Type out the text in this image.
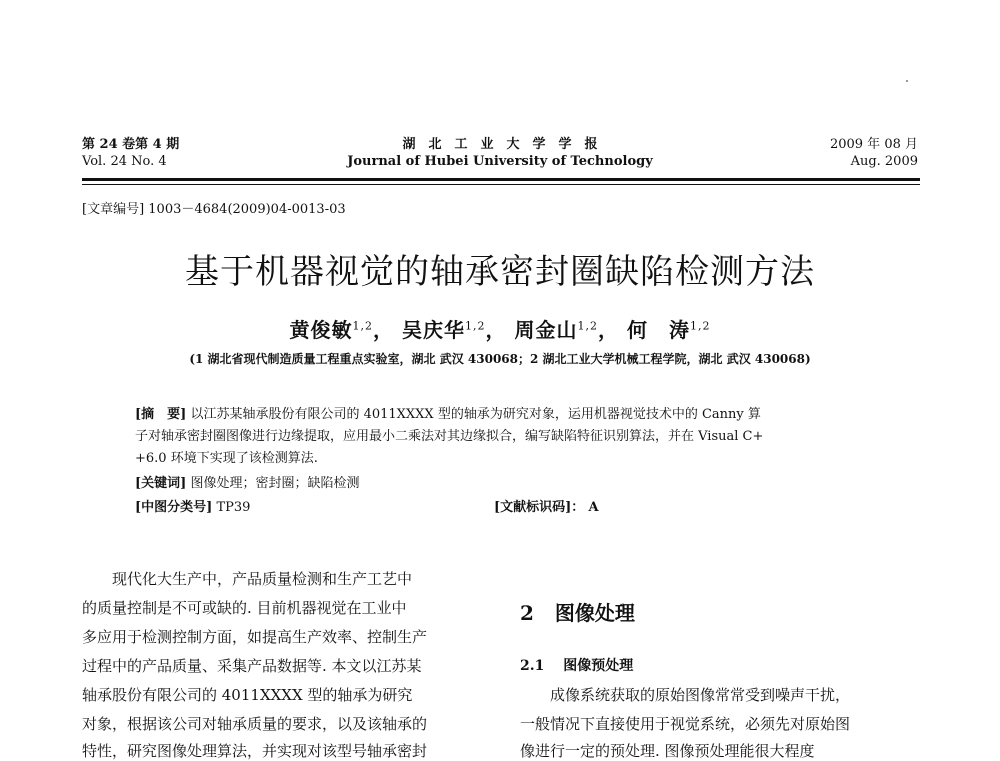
第 24 卷第 4 期
Vol. 24 No. 4
湖　北　工　业　大　学　学　报
Journal of Hubei University of Technology
2009 年 08 月
Aug. 2009
[文章编号] 1003－4684(2009)04-0013-03
基于机器视觉的轴承密封圈缺陷检测方法
黄俊敏$^{1,2}$， 吴庆华$^{1,2}$， 周金山$^{1,2}$， 何　涛$^{1,2}$
(1 湖北省现代制造质量工程重点实验室，湖北 武汉 430068；2 湖北工业大学机械工程学院，湖北 武汉 430068)
[摘　要] 以江苏某轴承股份有限公司的 4011XXXX 型的轴承为研究对象，运用机器视觉技术中的 Canny 算
子对轴承密封圈图像进行边缘提取，应用最小二乘法对其边缘拟合，编写缺陷特征识别算法，并在 Visual C+
+6.0 环境下实现了该检测算法.
[关键词] 图像处理；密封圈；缺陷检测
[中图分类号] TP39	[文献标识码]： A
　　现代化大生产中，产品质量检测和生产工艺中
的质量控制是不可或缺的. 目前机器视觉在工业中
多应用于检测控制方面，如提高生产效率、控制生产
过程中的产品质量、采集产品数据等. 本文以江苏某
轴承股份有限公司的 4011XXXX 型的轴承为研究
对象，根据该公司对轴承质量的要求，以及该轴承的
特性，研究图像处理算法，并实现对该型号轴承密封
2 图像处理
2.1 图像预处理
　　成像系统获取的原始图像常常受到噪声干扰，
一般情况下直接使用于视觉系统，必须先对原始图
像进行一定的预处理. 图像预处理能很大程度
